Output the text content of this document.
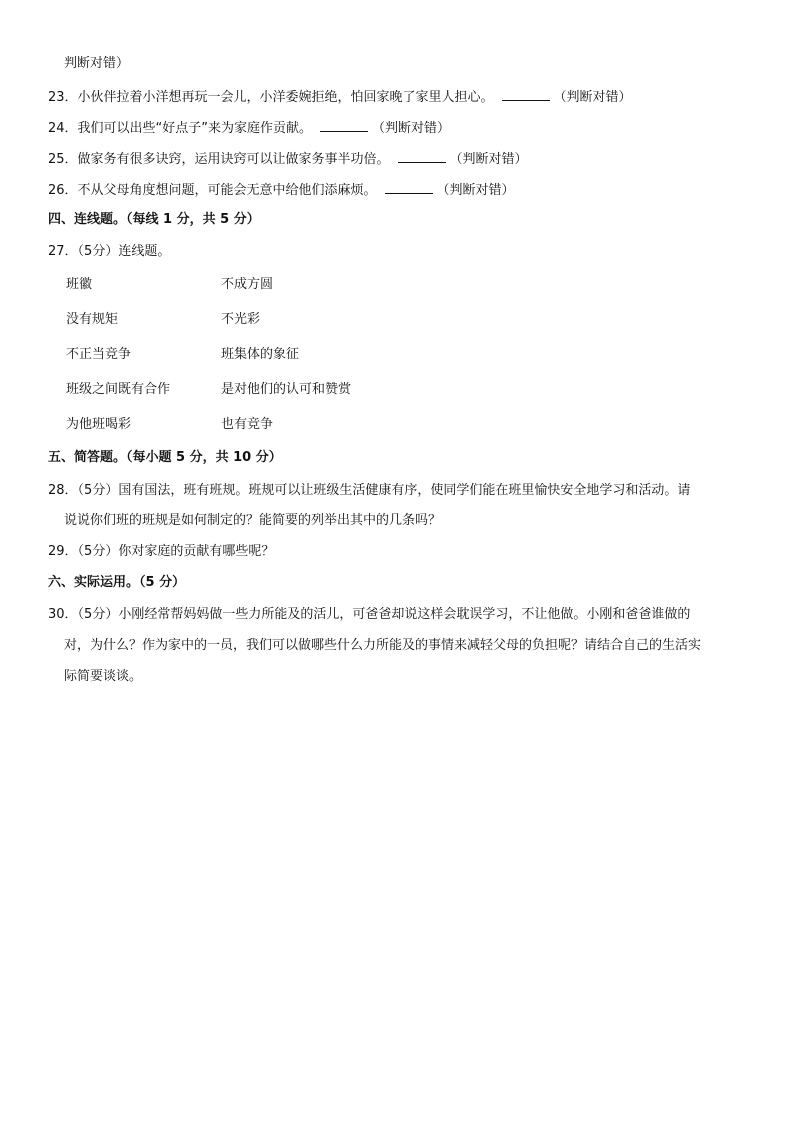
判断对错）
23．小伙伴拉着小洋想再玩一会儿，小洋委婉拒绝，怕回家晚了家里人担心。	（判断对错）
24．我们可以出些“好点子”来为家庭作贡献。	（判断对错）
25．做家务有很多诀窍，运用诀窍可以让做家务事半功倍。	（判断对错）
26．不从父母角度想问题，可能会无意中给他们添麻烦。	（判断对错）
四、连线题。（每线 1 分，共 5 分）
27．（5分）连线题。
班徽	不成方圆
没有规矩	不光彩
不正当竞争	班集体的象征
班级之间既有合作	是对他们的认可和赞赏
为他班喝彩	也有竞争
五、简答题。（每小题 5 分，共 10 分）
28．（5分）国有国法，班有班规。班规可以让班级生活健康有序，使同学们能在班里愉快安全地学习和活动。请
说说你们班的班规是如何制定的？能简要的列举出其中的几条吗？
29．（5分）你对家庭的贡献有哪些呢？
六、实际运用。（5 分）
30．（5分）小刚经常帮妈妈做一些力所能及的活儿，可爸爸却说这样会耽误学习，不让他做。小刚和爸爸谁做的
对，为什么？作为家中的一员，我们可以做哪些什么力所能及的事情来减轻父母的负担呢？请结合自己的生活实
际简要谈谈。
